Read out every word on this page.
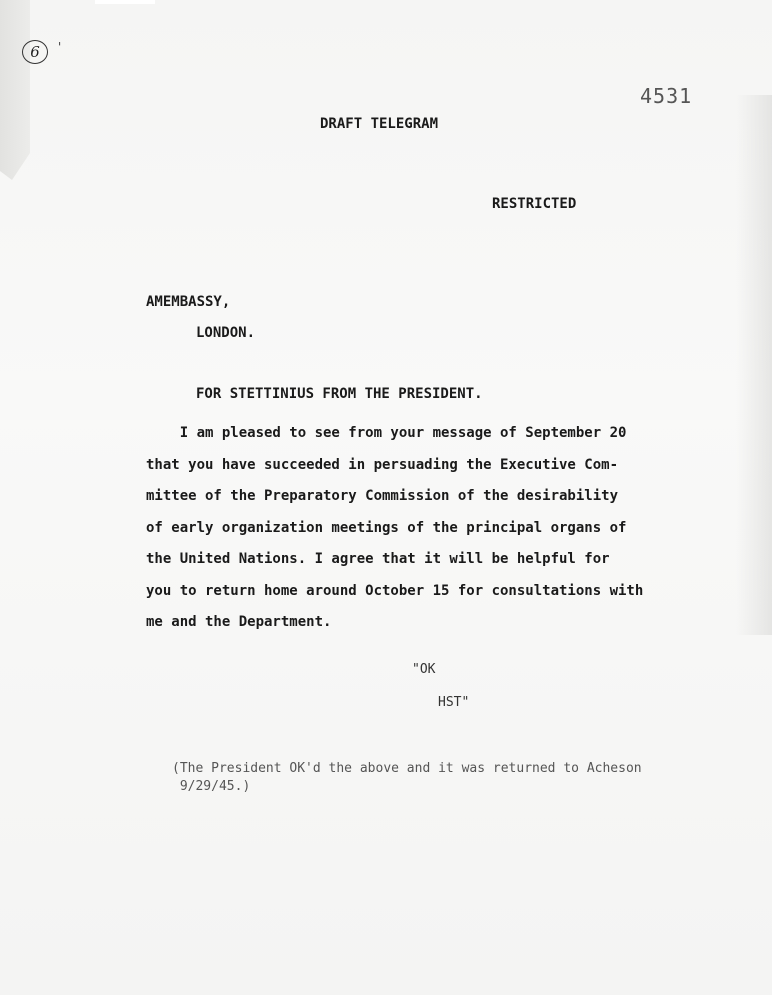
6	'
4531
DRAFT TELEGRAM
RESTRICTED
AMEMBASSY,
LONDON.
FOR STETTINIUS FROM THE PRESIDENT.
I am pleased to see from your message of September 20
that you have succeeded in persuading the Executive Com-
mittee of the Preparatory Commission of the desirability
of early organization meetings of the principal organs of
the United Nations. I agree that it will be helpful for
you to return home around October 15 for consultations with
me and the Department.
"OK
HST"
(The President OK'd the above and it was returned to Acheson
9/29/45.)
